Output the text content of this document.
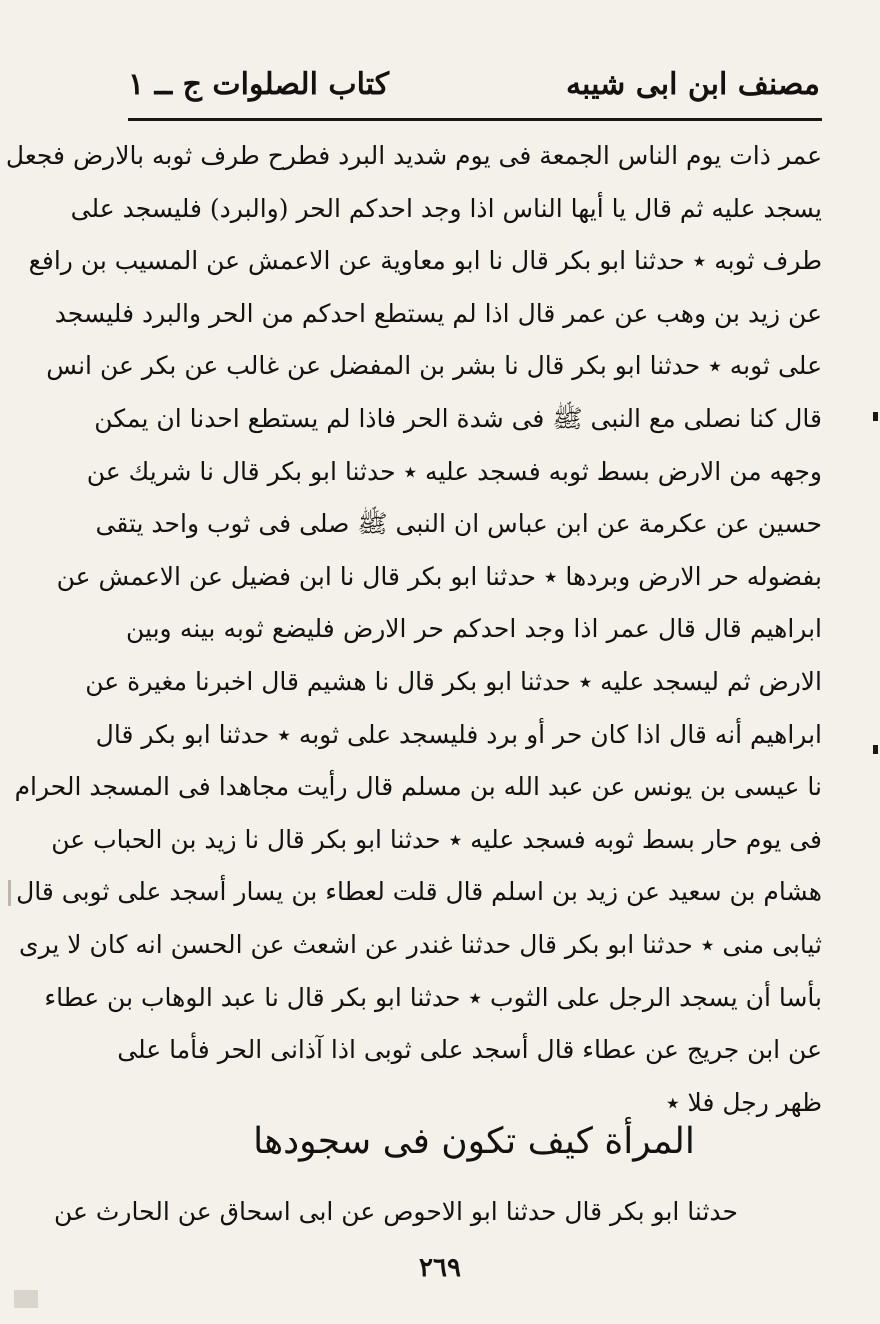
مصنف ابن ابى شيبه
كتاب الصلوات ج ــ ١
عمر ذات يوم الناس الجمعة فى يوم شديد البرد فطرح طرف ثوبه بالارض فجعل
يسجد عليه ثم قال يا أيها الناس اذا وجد احدكم الحر (والبرد) فليسجد على
طرف ثوبه ٭ حدثنا ابو بكر قال نا ابو معاوية عن الاعمش عن المسيب بن رافع
عن زيد بن وهب عن عمر قال اذا لم يستطع احدكم من الحر والبرد فليسجد
على ثوبه ٭ حدثنا ابو بكر قال نا بشر بن المفضل عن غالب عن بكر عن انس
قال كنا نصلى مع النبى ﷺ فى شدة الحر فاذا لم يستطع احدنا ان يمكن
وجهه من الارض بسط ثوبه فسجد عليه ٭ حدثنا ابو بكر قال نا شريك عن
حسين عن عكرمة عن ابن عباس ان النبى ﷺ صلى فى ثوب واحد يتقى
بفضوله حر الارض وبردها ٭ حدثنا ابو بكر قال نا ابن فضيل عن الاعمش عن
ابراهيم قال قال عمر اذا وجد احدكم حر الارض فليضع ثوبه بينه وبين
الارض ثم ليسجد عليه ٭ حدثنا ابو بكر قال نا هشيم قال اخبرنا مغيرة عن
ابراهيم أنه قال اذا كان حر أو برد فليسجد على ثوبه ٭ حدثنا ابو بكر قال
نا عيسى بن يونس عن عبد الله بن مسلم قال رأيت مجاهدا فى المسجد الحرام
فى يوم حار بسط ثوبه فسجد عليه ٭ حدثنا ابو بكر قال نا زيد بن الحباب عن
هشام بن سعيد عن زيد بن اسلم قال قلت لعطاء بن يسار أسجد على ثوبى قال
ثيابى منى ٭ حدثنا ابو بكر قال حدثنا غندر عن اشعث عن الحسن انه كان لا يرى
بأسا أن يسجد الرجل على الثوب ٭ حدثنا ابو بكر قال نا عبد الوهاب بن عطاء
عن ابن جريج عن عطاء قال أسجد على ثوبى اذا آذانى الحر فأما على
ظهر رجل فلا ٭
المرأة كيف تكون فى سجودها
حدثنا ابو بكر قال حدثنا ابو الاحوص عن ابى اسحاق عن الحارث عن
٢٦٩
